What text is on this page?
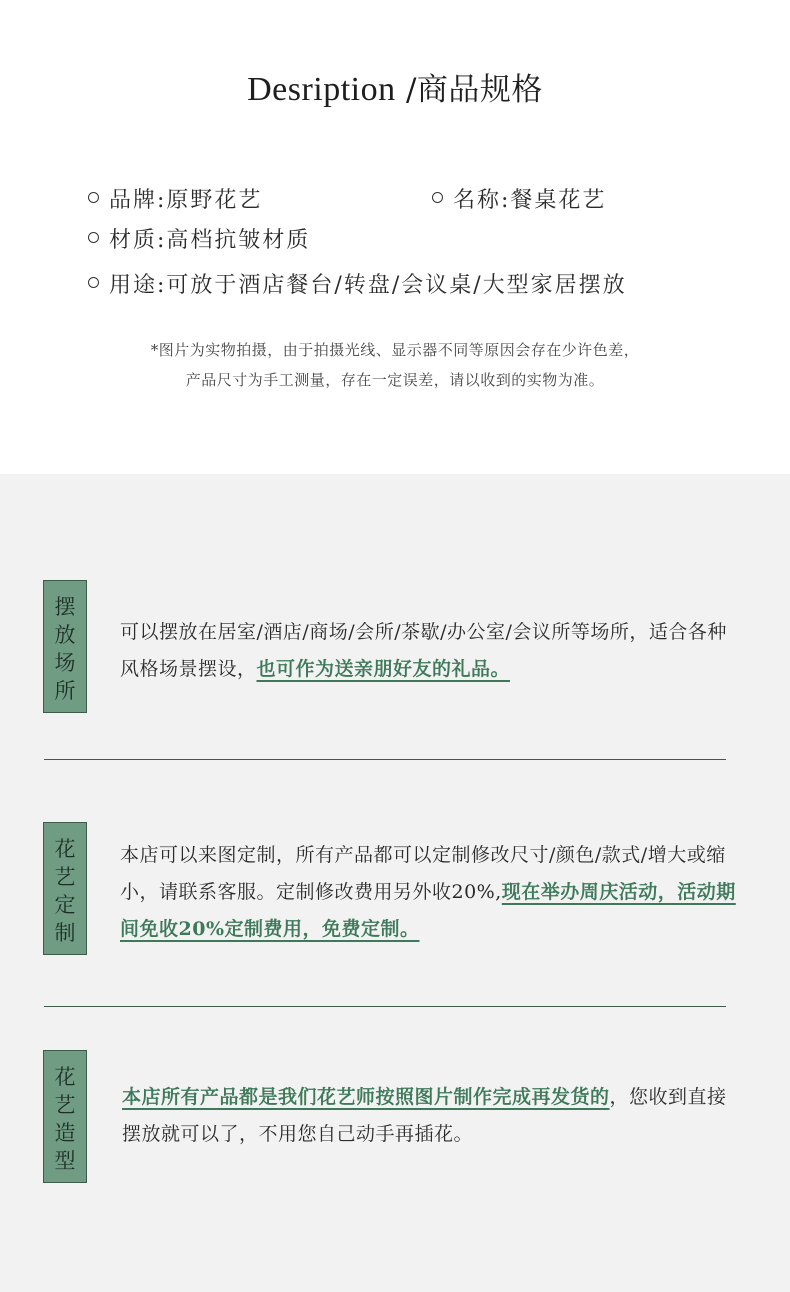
Desription /商品规格
品牌:原野花艺	名称:餐桌花艺
材质:高档抗皱材质
用途:可放于酒店餐台/转盘/会议桌/大型家居摆放
*图片为实物拍摄，由于拍摄光线、显示器不同等原因会存在少许色差，
产品尺寸为手工测量，存在一定误差，请以收到的实物为准。
摆
放
场
所
可以摆放在居室/酒店/商场/会所/茶歇/办公室/会议所等场所，适合各种风格场景摆设，也可作为送亲朋好友的礼品。
花
艺
定
制
本店可以来图定制，所有产品都可以定制修改尺寸/颜色/款式/增大或缩小，请联系客服。定制修改费用另外收20%,现在举办周庆活动，活动期间免收20%定制费用，免费定制。
花
艺
造
型
本店所有产品都是我们花艺师按照图片制作完成再发货的，您收到直接摆放就可以了，不用您自己动手再插花。
